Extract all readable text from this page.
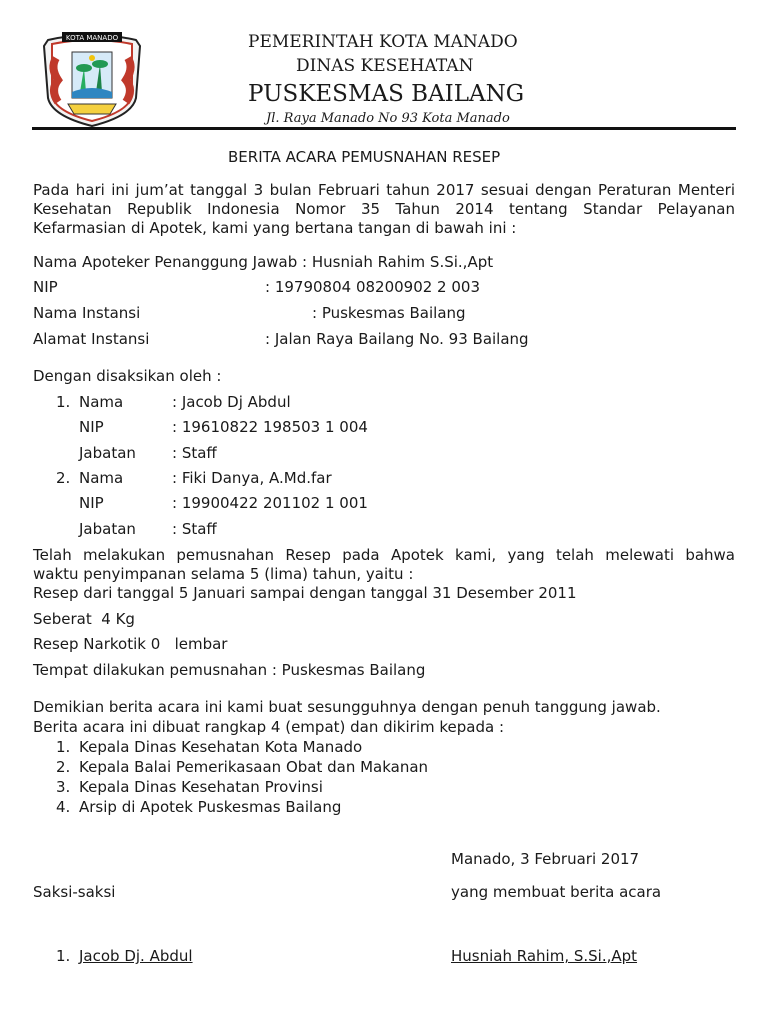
KOTA MANADO	PEMERINTAH KOTA MANADO
DINAS KESEHATAN
PUSKESMAS BAILANG
Jl. Raya Manado No 93 Kota Manado
BERITA ACARA PEMUSNAHAN RESEP
Pada hari ini jum’at tanggal 3 bulan Februari tahun 2017 sesuai dengan Peraturan Menteri
Kesehatan Republik Indonesia Nomor 35 Tahun 2014 tentang Standar Pelayanan
Kefarmasian di Apotek, kami yang bertana tangan di bawah ini :
Nama Apoteker Penanggung Jawab : Husniah Rahim S.Si.,Apt
NIP	: 19790804 08200902 2 003
Nama Instansi	: Puskesmas Bailang
Alamat Instansi	: Jalan Raya Bailang No. 93 Bailang
Dengan disaksikan oleh :
1. Nama	: Jacob Dj Abdul
NIP	: 19610822 198503 1 004
Jabatan : Staff
2. Nama	: Fiki Danya, A.Md.far
NIP	: 19900422 201102 1 001
Jabatan : Staff
Telah melakukan pemusnahan Resep pada Apotek kami, yang telah melewati bahwa
waktu penyimpanan selama 5 (lima) tahun, yaitu :
Resep dari tanggal 5 Januari sampai dengan tanggal 31 Desember 2011
Seberat  4 Kg
Resep Narkotik 0   lembar
Tempat dilakukan pemusnahan : Puskesmas Bailang
Demikian berita acara ini kami buat sesungguhnya dengan penuh tanggung jawab.
Berita acara ini dibuat rangkap 4 (empat) dan dikirim kepada :
1. Kepala Dinas Kesehatan Kota Manado
2. Kepala Balai Pemerikasaan Obat dan Makanan
3. Kepala Dinas Kesehatan Provinsi
4. Arsip di Apotek Puskesmas Bailang
Manado, 3 Februari 2017
Saksi-saksi	yang membuat berita acara
1. Jacob Dj. Abdul	Husniah Rahim, S.Si.,Apt
